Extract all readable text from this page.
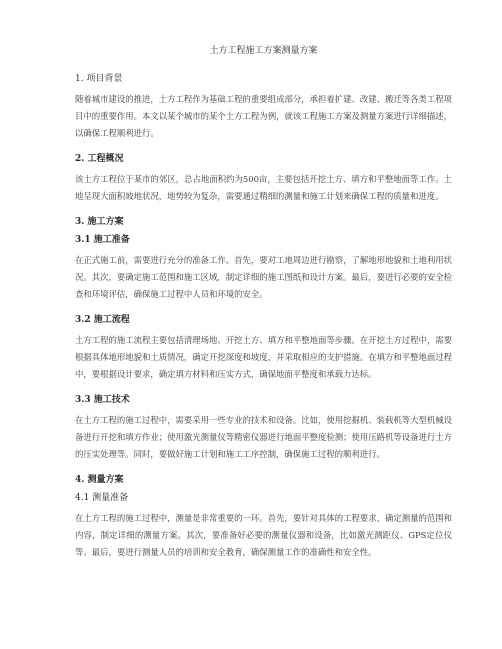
土方工程施工方案测量方案
1. 项目背景
随着城市建设的推进，土方工程作为基础工程的重要组成部分，承担着扩建、改建、搬迁等各类工程项目中的重要作用。本文以某个城市的某个土方工程为例，就该工程施工方案及测量方案进行详细描述，以确保工程顺利进行。
2. 工程概况
该土方工程位于某市的郊区，总占地面积约为500亩，主要包括开挖土方、填方和平整地面等工作。土地呈现大面积坡地状况，地势较为复杂，需要通过精细的测量和施工计划来确保工程的质量和进度。
3. 施工方案
3.1 施工准备
在正式施工前，需要进行充分的准备工作。首先，要对工地周边进行勘察，了解地形地貌和土地利用状况。其次，要确定施工范围和施工区域，制定详细的施工图纸和设计方案。最后，要进行必要的安全检查和环境评估，确保施工过程中人员和环境的安全。
3.2 施工流程
土方工程的施工流程主要包括清理场地、开挖土方、填方和平整地面等步骤。在开挖土方过程中，需要根据具体地形地貌和土质情况，确定开挖深度和坡度，并采取相应的支护措施。在填方和平整地面过程中，要根据设计要求，确定填方材料和压实方式，确保地面平整度和承载力达标。
3.3 施工技术
在土方工程的施工过程中，需要采用一些专业的技术和设备。比如，使用挖掘机、装载机等大型机械设备进行开挖和填方作业；使用激光测量仪等精密仪器进行地面平整度检测；使用压路机等设备进行土方的压实处理等。同时，要做好施工计划和施工工序控制，确保施工过程的顺利进行。
4. 测量方案
4.1 测量准备
在土方工程的施工过程中，测量是非常重要的一环。首先，要针对具体的工程要求，确定测量的范围和内容，制定详细的测量方案。其次，要准备好必要的测量仪器和设备，比如激光测距仪、GPS定位仪等。最后，要进行测量人员的培训和安全教育，确保测量工作的准确性和安全性。
